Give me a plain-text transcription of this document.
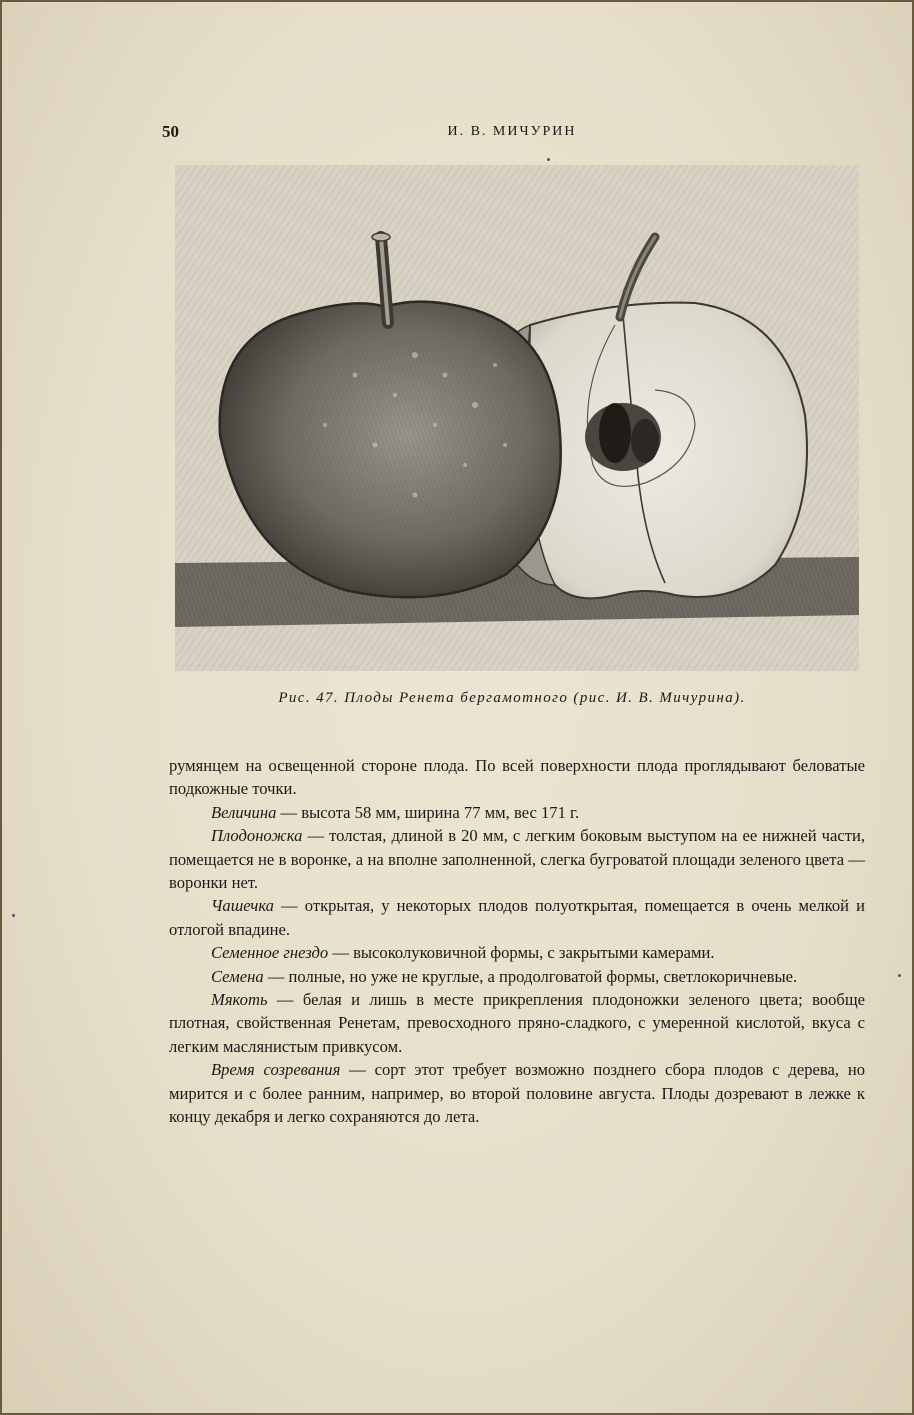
50	И. В. МИЧУРИН
Рис. 47. Плоды Ренета бергамотного (рис. И. В. Мичурина).

румянцем на освещенной стороне плода. По всей поверхности плода проглядывают беловатые подкожные точки.

Величина — высота 58 мм, ширина 77 мм, вес 171 г.

Плодоножка — толстая, длиной в 20 мм, с легким боковым выступом на ее нижней части, помещается не в воронке, а на вполне заполненной, слегка бугроватой площади зеленого цвета — воронки нет.

Чашечка — открытая, у некоторых плодов полуоткрытая, помещается в очень мелкой и отлогой впадине.

Семенное гнездо — высоколуковичной формы, с закрытыми камерами.

Семена — полные, но уже не круглые, а продолговатой формы, светлокоричневые.

Мякоть — белая и лишь в месте прикрепления плодоножки зеленого цвета; вообще плотная, свойственная Ренетам, превосходного пряно-сладкого, с умеренной кислотой, вкуса с легким маслянистым привкусом.

Время созревания — сорт этот требует возможно позднего сбора плодов с дерева, но мирится и с более ранним, например, во второй половине августа. Плоды дозревают в лежке к концу декабря и легко сохраняются до лета.
